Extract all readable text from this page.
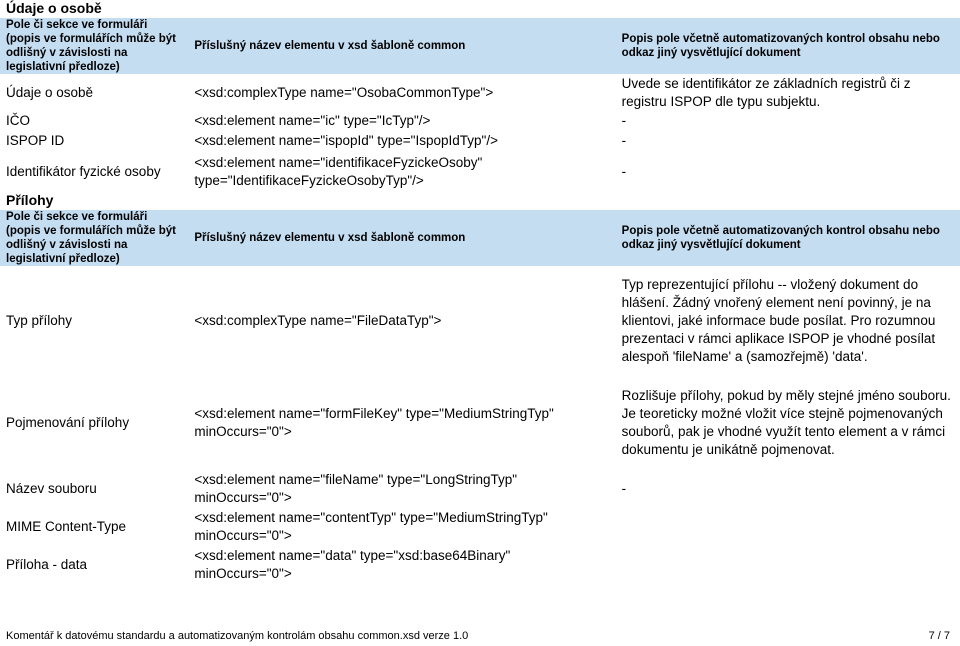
Údaje o osobě
Pole či sekce ve formuláři (popis ve formulářích může být odlišný v závislosti na legislativní předloze)	Příslušný název elementu v xsd šabloně common	Popis pole včetně automatizovaných kontrol obsahu nebo odkaz jiný vysvětlující dokument
Údaje o osobě	<xsd:complexType name="OsobaCommonType">	Uvede se identifikátor ze základních registrů či z registru ISPOP dle typu subjektu.
IČO	<xsd:element name="ic" type="IcTyp"/>	-
ISPOP ID	<xsd:element name="ispopId" type="IspopIdTyp"/>	-
Identifikátor fyzické osoby	<xsd:element name="identifikaceFyzickeOsoby" type="IdentifikaceFyzickeOsobyTyp"/>	-
Přílohy
Pole či sekce ve formuláři (popis ve formulářích může být odlišný v závislosti na legislativní předloze)	Příslušný název elementu v xsd šabloně common	Popis pole včetně automatizovaných kontrol obsahu nebo odkaz jiný vysvětlující dokument
Typ přílohy	<xsd:complexType name="FileDataTyp">	Typ reprezentující přílohu -- vložený dokument do hlášení. Žádný vnořený element není povinný, je na klientovi, jaké informace bude posílat. Pro rozumnou prezentaci v rámci aplikace ISPOP je vhodné posílat alespoň 'fileName' a (samozřejmě) 'data'.
Pojmenování přílohy	<xsd:element name="formFileKey" type="MediumStringTyp" minOccurs="0">	Rozlišuje přílohy, pokud by měly stejné jméno souboru. Je teoreticky možné vložit více stejně pojmenovaných souborů, pak je vhodné využít tento element a v rámci dokumentu je unikátně pojmenovat.
Název souboru	<xsd:element name="fileName" type="LongStringTyp" minOccurs="0">	-
MIME Content-Type	<xsd:element name="contentTyp" type="MediumStringTyp" minOccurs="0">	
Příloha - data	<xsd:element name="data" type="xsd:base64Binary" minOccurs="0">	
Komentář k datovému standardu a automatizovaným kontrolám obsahu common.xsd verze 1.0	7 / 7
